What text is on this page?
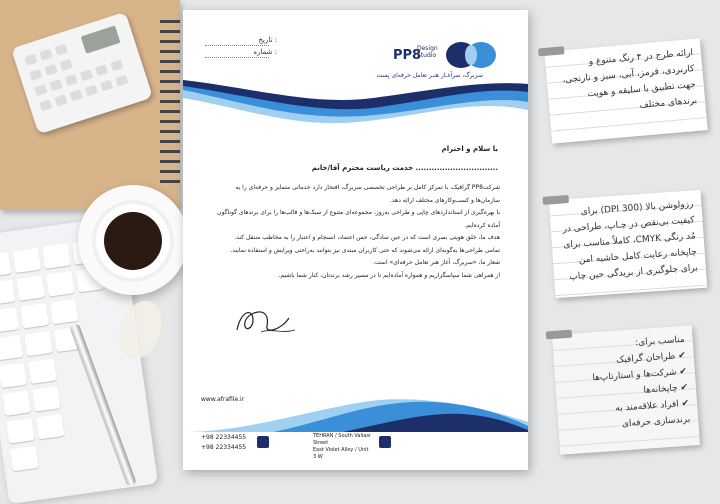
PP8
Design
Studio
سربرگ، سرآغـاز هنـر تعامل حرفه‌ای بِست
تاریخ :
شماره :
با سلام و احترام
خدمت ریاست محترم آقا/خانم ...............................
شرکتPP8 گرافیک، با تمرکز کامل بر طراحی تخصصی سربرگ، افتخار دارد خدماتی متمایز و حرفه‌ای را به
سازمان‌ها و کسب‌وکارهای مختلف ارائه دهد.
با بهره‌گیری از استانداردهای چاپی و طراحی بەروز، مجموعه‌ای متنوع از سبک‌ها و قالب‌ها را برای برندهای گوناگون آماده کرده‌ایم.
هدف ما، خلق هویتی بصری است که در عین سادگی، حس اعتماد، انسجام و اعتبار را به مخاطب منتقل کند.
تمامی طراحی‌ها به‌گونه‌ای ارائه می‌شوند که حتی کاربران مبتدی نیز بتوانند به‌راحتی ویرایش و استفاده نمایند.
شعار ما، «سربرگ، آغاز هنر تعامل حرفه‌ای» است.
از همراهی شما سپاسگزاریم و همواره آماده‌ایم تا در مسیر رشد برندتان، کنار شما باشیم.
www.afrafile.ir
+98 22334455
+98 22334455
TEHRAN / South Valiasr Street
East Violet Alley / Unit 3 W
ارائه طرح در ۴ رنگ متنوع و کاربردی، قرمز، آبی، سبز و نارنجی، جهت تطبیق با سلیقه و هویت برندهای مختلف
رزولوشن بالا (DPI 300) برای کیفیت بی‌نقص در چـاپ، طراحی در مُد رنگی CMYK، کاملاً مناسب برای چاپخانه رعایت کامل حاشیه امن برای جلوگیری از بریدگی حین چاپ
مناسب برای:
✔ طراحان گرافیک
✔ شرکت‌ها و استارتاپ‌ها
✔ چاپخانه‌ها
✔ افراد علاقه‌مند به
برندسازی حرفه‌ای
